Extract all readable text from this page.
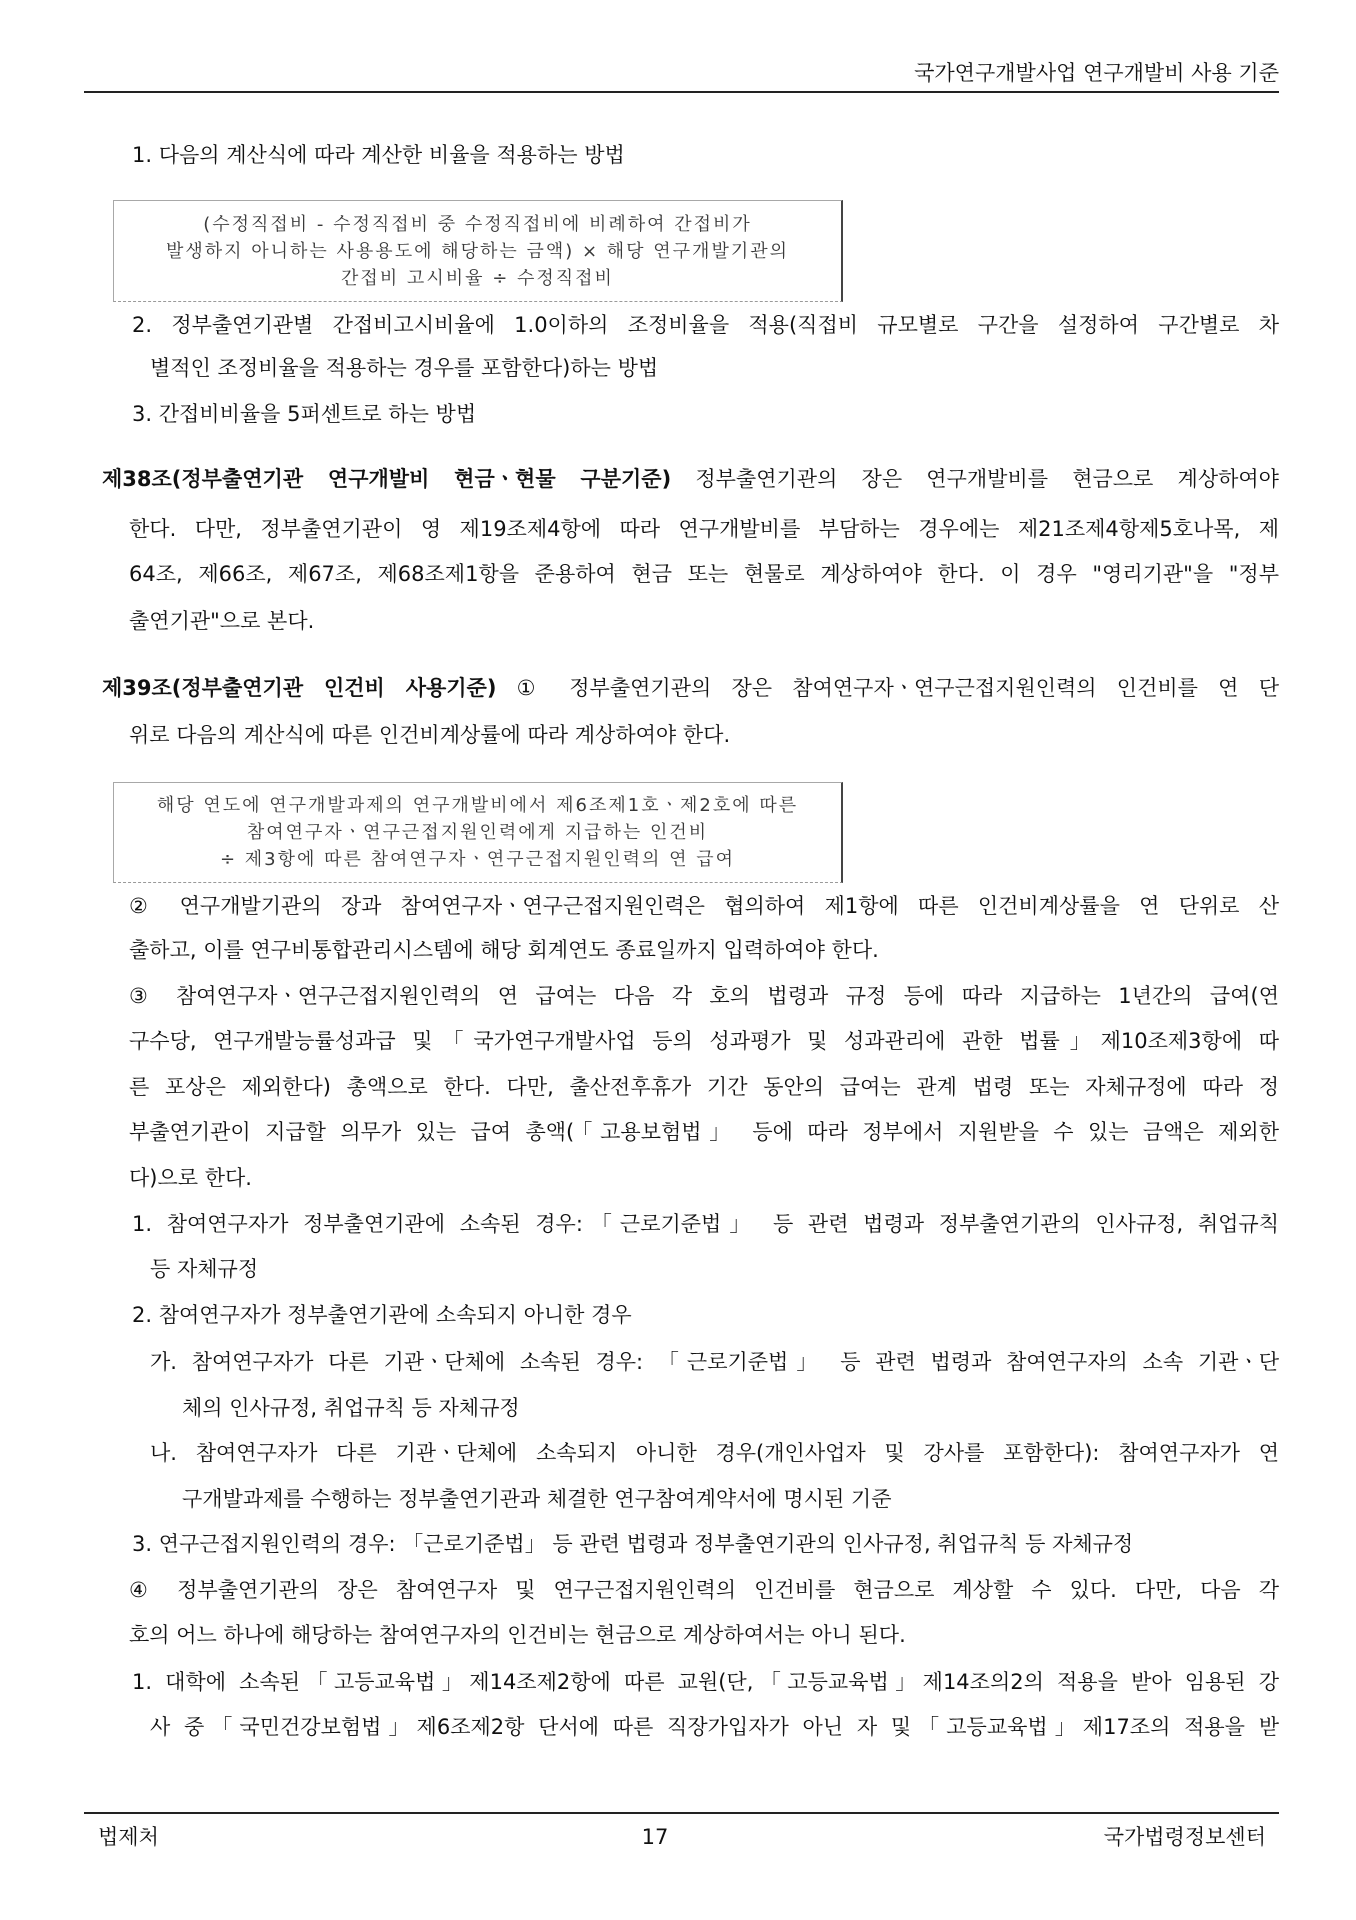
국가연구개발사업 연구개발비 사용 기준
1. 다음의 계산식에 따라 계산한 비율을 적용하는 방법
(수정직접비 - 수정직접비 중 수정직접비에 비례하여 간접비가
발생하지 아니하는 사용용도에 해당하는 금액) × 해당 연구개발기관의
간접비 고시비율 ÷ 수정직접비
2. 정부출연기관별 간접비고시비율에 1.0이하의 조정비율을 적용(직접비 규모별로 구간을 설정하여 구간별로 차
별적인 조정비율을 적용하는 경우를 포함한다)하는 방법
3. 간접비비율을 5퍼센트로 하는 방법
제38조(정부출연기관 연구개발비 현금ㆍ현물 구분기준) 정부출연기관의 장은 연구개발비를 현금으로 계상하여야
한다. 다만, 정부출연기관이 영 제19조제4항에 따라 연구개발비를 부담하는 경우에는 제21조제4항제5호나목, 제
64조, 제66조, 제67조, 제68조제1항을 준용하여 현금 또는 현물로 계상하여야 한다. 이 경우 "영리기관"을 "정부
출연기관"으로 본다.
제39조(정부출연기관 인건비 사용기준) ① 정부출연기관의 장은 참여연구자ㆍ연구근접지원인력의 인건비를 연 단
위로 다음의 계산식에 따른 인건비계상률에 따라 계상하여야 한다.
해당 연도에 연구개발과제의 연구개발비에서 제6조제1호ㆍ제2호에 따른
참여연구자ㆍ연구근접지원인력에게 지급하는 인건비
÷ 제3항에 따른 참여연구자ㆍ연구근접지원인력의 연 급여
② 연구개발기관의 장과 참여연구자ㆍ연구근접지원인력은 협의하여 제1항에 따른 인건비계상률을 연 단위로 산
출하고, 이를 연구비통합관리시스템에 해당 회계연도 종료일까지 입력하여야 한다.
③ 참여연구자ㆍ연구근접지원인력의 연 급여는 다음 각 호의 법령과 규정 등에 따라 지급하는 1년간의 급여(연
구수당, 연구개발능률성과급 및「국가연구개발사업 등의 성과평가 및 성과관리에 관한 법률」제10조제3항에 따
른 포상은 제외한다) 총액으로 한다. 다만, 출산전후휴가 기간 동안의 급여는 관계 법령 또는 자체규정에 따라 정
부출연기관이 지급할 의무가 있는 급여 총액(「고용보험법」 등에 따라 정부에서 지원받을 수 있는 금액은 제외한
다)으로 한다.
1. 참여연구자가 정부출연기관에 소속된 경우:「근로기준법」 등 관련 법령과 정부출연기관의 인사규정, 취업규칙
등 자체규정
2. 참여연구자가 정부출연기관에 소속되지 아니한 경우
가. 참여연구자가 다른 기관ㆍ단체에 소속된 경우: 「근로기준법」 등 관련 법령과 참여연구자의 소속 기관ㆍ단
체의 인사규정, 취업규칙 등 자체규정
나. 참여연구자가 다른 기관ㆍ단체에 소속되지 아니한 경우(개인사업자 및 강사를 포함한다): 참여연구자가 연
구개발과제를 수행하는 정부출연기관과 체결한 연구참여계약서에 명시된 기준
3. 연구근접지원인력의 경우: 「근로기준법」 등 관련 법령과 정부출연기관의 인사규정, 취업규칙 등 자체규정
④ 정부출연기관의 장은 참여연구자 및 연구근접지원인력의 인건비를 현금으로 계상할 수 있다. 다만, 다음 각
호의 어느 하나에 해당하는 참여연구자의 인건비는 현금으로 계상하여서는 아니 된다.
1. 대학에 소속된「고등교육법」제14조제2항에 따른 교원(단,「고등교육법」제14조의2의 적용을 받아 임용된 강
사 중「국민건강보험법」제6조제2항 단서에 따른 직장가입자가 아닌 자 및「고등교육법」제17조의 적용을 받
법제처	17	국가법령정보센터
